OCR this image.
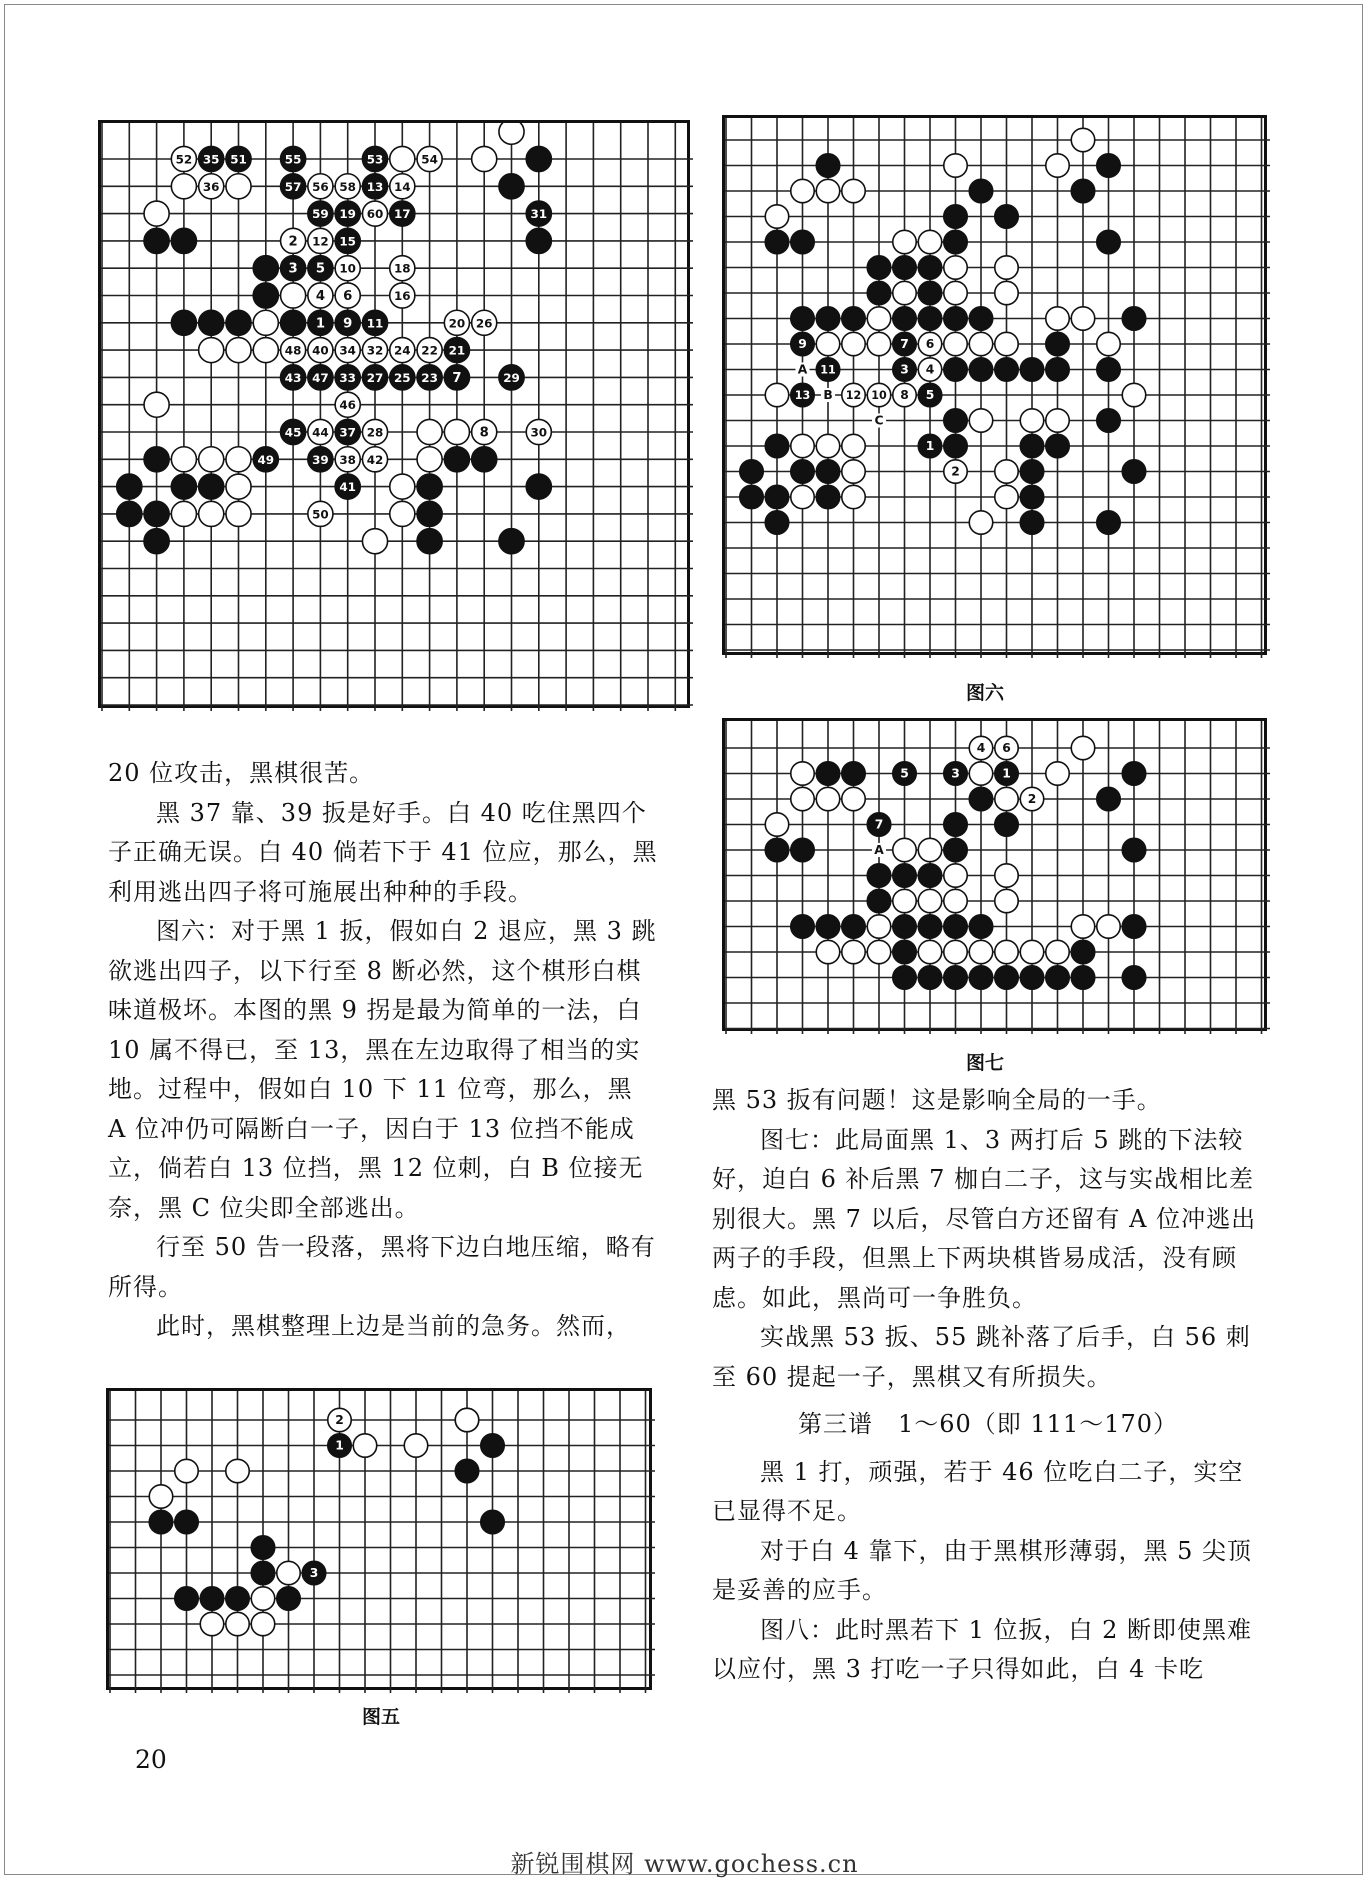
31
52 35 51	55	53	54
36	57 56 58 13 14
59 19 60 17
2 12 15
3 5 10	18
4 6	16
1 9 11	20 26
48 40 34 32 24 22 21
43 47 33 27 25 23 7	29
46
45 44 37 28	8	30
49	39 38 42
41
50
9	7 6
A 11	3 4
13 B 12 10 8 5
C
1
2
图六
4 6
5	3	1
2
7
A
图七
2
1
3
图五

20 位攻击，黑棋很苦。

黑 37 靠、39 扳是好手。白 40 吃住黑四个子正确无误。白 40 倘若下于 41 位应，那么，黑利用逃出四子将可施展出种种的手段。

图六：对于黑 1 扳，假如白 2 退应，黑 3 跳欲逃出四子，以下行至 8 断必然，这个棋形白棋味道极坏。本图的黑 9 拐是最为简单的一法，白 10 属不得已，至 13，黑在左边取得了相当的实地。过程中，假如白 10 下 11 位弯，那么，黑 A 位冲仍可隔断白一子，因白于 13 位挡不能成立，倘若白 13 位挡，黑 12 位刺，白 B 位接无奈，黑 C 位尖即全部逃出。

行至 50 告一段落，黑将下边白地压缩，略有所得。

此时，黑棋整理上边是当前的急务。然而，

黑 53 扳有问题！这是影响全局的一手。

图七：此局面黑 1、3 两打后 5 跳的下法较好，迫白 6 补后黑 7 枷白二子，这与实战相比差别很大。黑 7 以后，尽管白方还留有 A 位冲逃出两子的手段，但黑上下两块棋皆易成活，没有顾虑。如此，黑尚可一争胜负。

实战黑 53 扳、55 跳补落了后手，白 56 刺至 60 提起一子，黑棋又有所损失。

第三谱　1～60（即 111～170）

黑 1 打，顽强，若于 46 位吃白二子，实空已显得不足。

对于白 4 靠下，由于黑棋形薄弱，黑 5 尖顶是妥善的应手。

图八：此时黑若下 1 位扳，白 2 断即使黑难以应付，黑 3 打吃一子只得如此，白 4 卡吃

20
新锐围棋网 www.gochess.cn
